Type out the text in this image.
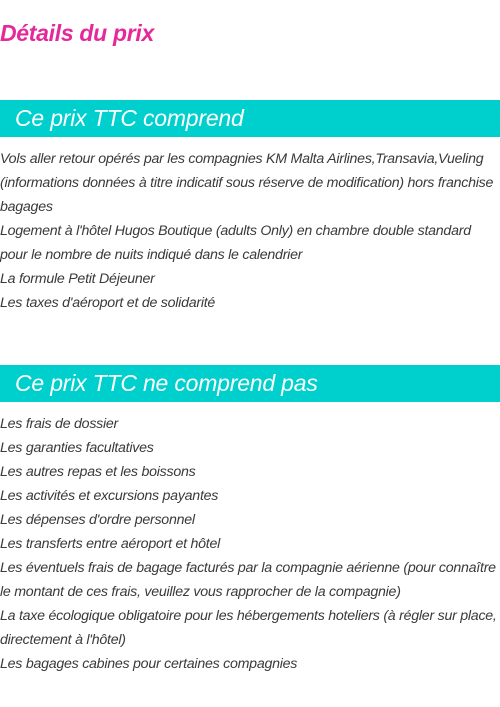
Détails du prix
Ce prix TTC comprend
Vols aller retour opérés par les compagnies KM Malta Airlines,Transavia,Vueling (informations données à titre indicatif sous réserve de modification) hors franchise bagages
Logement à l'hôtel Hugos Boutique (adults Only) en chambre double standard pour le nombre de nuits indiqué dans le calendrier
La formule Petit Déjeuner
Les taxes d'aéroport et de solidarité
Ce prix TTC ne comprend pas
Les frais de dossier
Les garanties facultatives
Les autres repas et les boissons
Les activités et excursions payantes
Les dépenses d'ordre personnel
Les transferts entre aéroport et hôtel
Les éventuels frais de bagage facturés par la compagnie aérienne (pour connaître le montant de ces frais, veuillez vous rapprocher de la compagnie)
La taxe écologique obligatoire pour les hébergements hoteliers (à régler sur place, directement à l'hôtel)
Les bagages cabines pour certaines compagnies
